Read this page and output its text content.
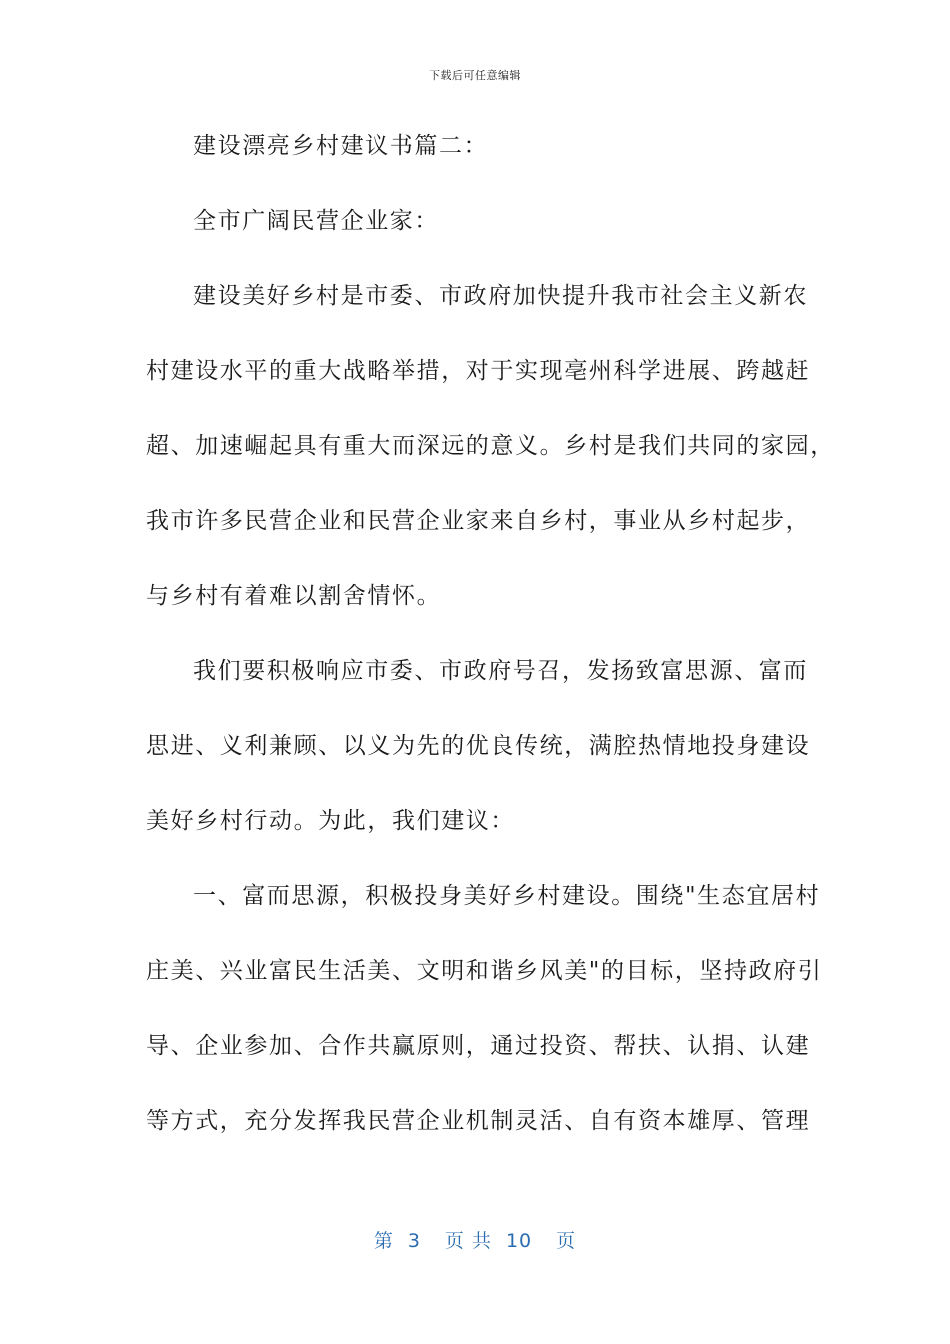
下载后可任意编辑
建设漂亮乡村建议书篇二：
全市广阔民营企业家：
建设美好乡村是市委、市政府加快提升我市社会主义新农
村建设水平的重大战略举措，对于实现亳州科学进展、跨越赶
超、加速崛起具有重大而深远的意义。乡村是我们共同的家园，
我市许多民营企业和民营企业家来自乡村，事业从乡村起步，
与乡村有着难以割舍情怀。
我们要积极响应市委、市政府号召，发扬致富思源、富而
思进、义利兼顾、以义为先的优良传统，满腔热情地投身建设
美好乡村行动。为此，我们建议：
一、富而思源，积极投身美好乡村建设。围绕"生态宜居村
庄美、兴业富民生活美、文明和谐乡风美"的目标，坚持政府引
导、企业参加、合作共赢原则，通过投资、帮扶、认捐、认建
等方式，充分发挥我民营企业机制灵活、自有资本雄厚、管理
第 3 页 共 10 页
